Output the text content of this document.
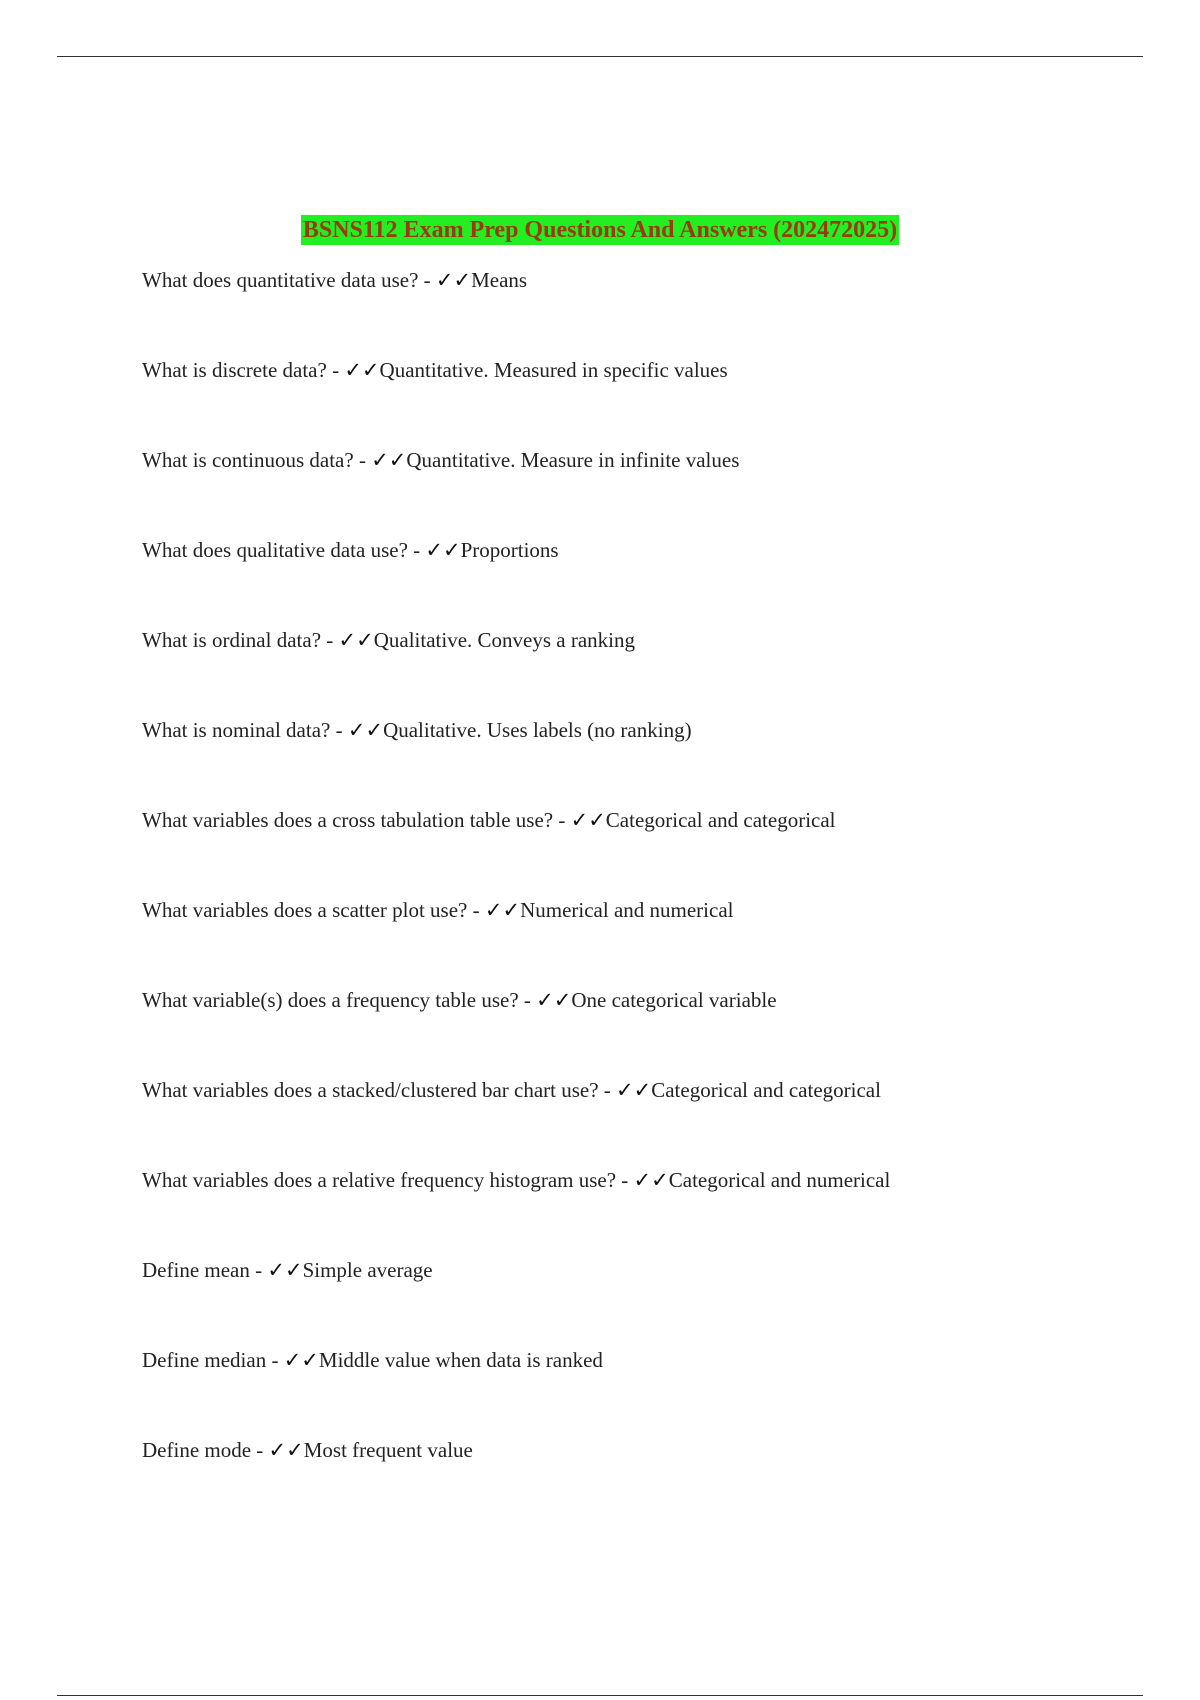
BSNS112 Exam Prep Questions And Answers (202472025)
What does quantitative data use? - ✓✓Means
What is discrete data? - ✓✓Quantitative. Measured in specific values
What is continuous data? - ✓✓Quantitative. Measure in infinite values
What does qualitative data use? - ✓✓Proportions
What is ordinal data? - ✓✓Qualitative. Conveys a ranking
What is nominal data? - ✓✓Qualitative. Uses labels (no ranking)
What variables does a cross tabulation table use? - ✓✓Categorical and categorical
What variables does a scatter plot use? - ✓✓Numerical and numerical
What variable(s) does a frequency table use? - ✓✓One categorical variable
What variables does a stacked/clustered bar chart use? - ✓✓Categorical and categorical
What variables does a relative frequency histogram use? - ✓✓Categorical and numerical
Define mean - ✓✓Simple average
Define median - ✓✓Middle value when data is ranked
Define mode - ✓✓Most frequent value
